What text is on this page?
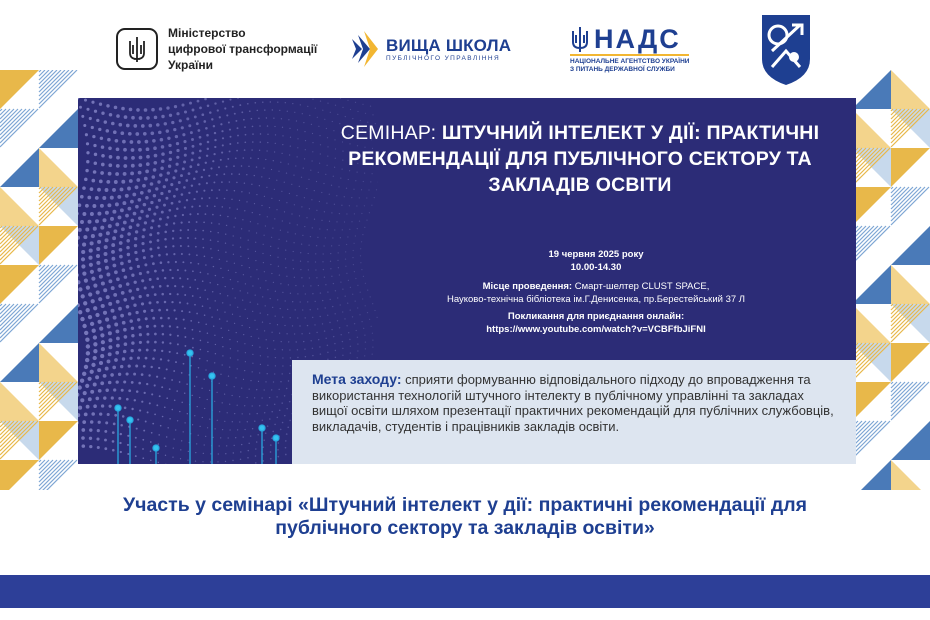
Міністерство
цифрової трансформації
України
ВИЩА ШКОЛА
ПУБЛІЧНОГО УПРАВЛІННЯ
НАДС
НАЦІОНАЛЬНЕ АГЕНТСТВО УКРАЇНИ
З ПИТАНЬ ДЕРЖАВНОЇ СЛУЖБИ
СЕМІНАР: ШТУЧНИЙ ІНТЕЛЕКТ У ДІЇ: ПРАКТИЧНІ РЕКОМЕНДАЦІЇ ДЛЯ ПУБЛІЧНОГО СЕКТОРУ ТА ЗАКЛАДІВ ОСВІТИ
19 червня 2025 року
10.00-14.30
Місце проведення: Смарт-шелтер CLUST SPACE,
Науково-технічна бібліотека ім.Г.Денисенка, пр.Берестейський 37 Л
Покликання для приєднання онлайн:
https://www.youtube.com/watch?v=VCBFfbJiFNI
Мета заходу: сприяти формуванню відповідального підходу до впровадження та використання технологій штучного інтелекту в публічному управлінні та закладах вищої освіти шляхом презентації практичних рекомендацій для публічних службовців, викладачів, студентів і працівників закладів освіти.
Участь у семінарі «Штучний інтелект у дії: практичні рекомендації для
публічного сектору та закладів освіти»
